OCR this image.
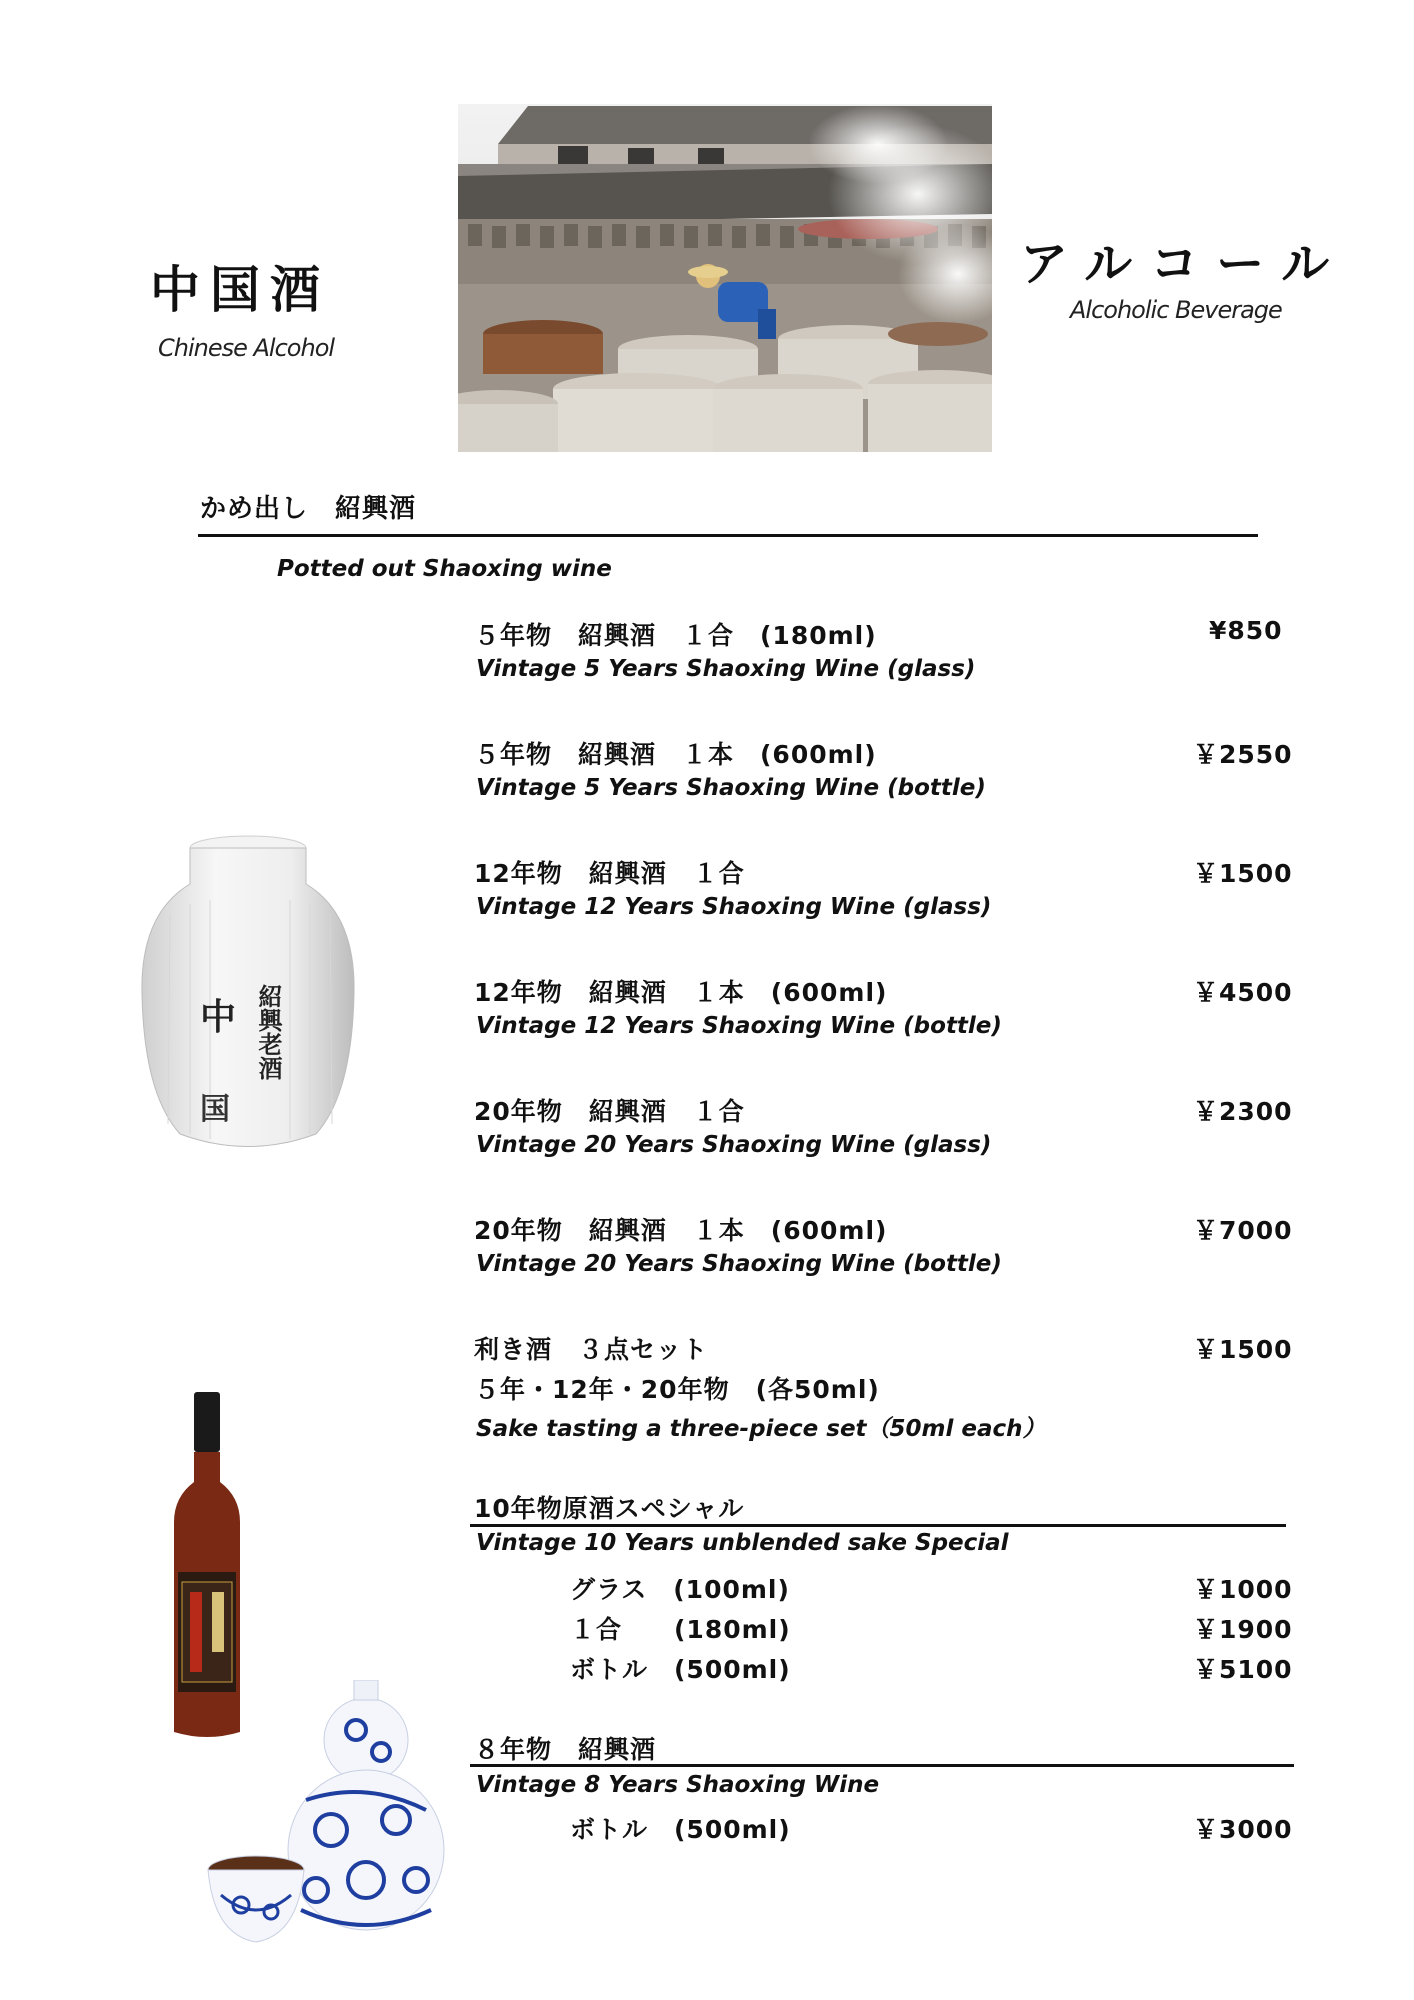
中国酒
Chinese Alcohol
アルコール
Alcoholic Beverage
かめ出し　紹興酒
Potted out Shaoxing wine
５年物　紹興酒　１合　(180ml)
Vintage 5 Years Shaoxing Wine (glass)
¥850
５年物　紹興酒　１本　(600ml)
Vintage 5 Years Shaoxing Wine (bottle)
￥2550
12年物　紹興酒　１合
Vintage 12 Years Shaoxing Wine (glass)
￥1500
12年物　紹興酒　１本　(600ml)
Vintage 12 Years Shaoxing Wine (bottle)
￥4500
20年物　紹興酒　１合
Vintage 20 Years Shaoxing Wine (glass)
￥2300
20年物　紹興酒　１本　(600ml)
Vintage 20 Years Shaoxing Wine (bottle)
￥7000
利き酒　３点セット
５年・12年・20年物　(各50ml)
Sake tasting a three-piece set（50ml each）
￥1500
10年物原酒スペシャル
Vintage 10 Years unblended sake Special
グラス　(100ml)	￥1000
１合　　(180ml)	￥1900
ボトル　(500ml)	￥5100
８年物　紹興酒
Vintage 8 Years Shaoxing Wine
ボトル　(500ml)	￥3000
中
国
紹興老酒
